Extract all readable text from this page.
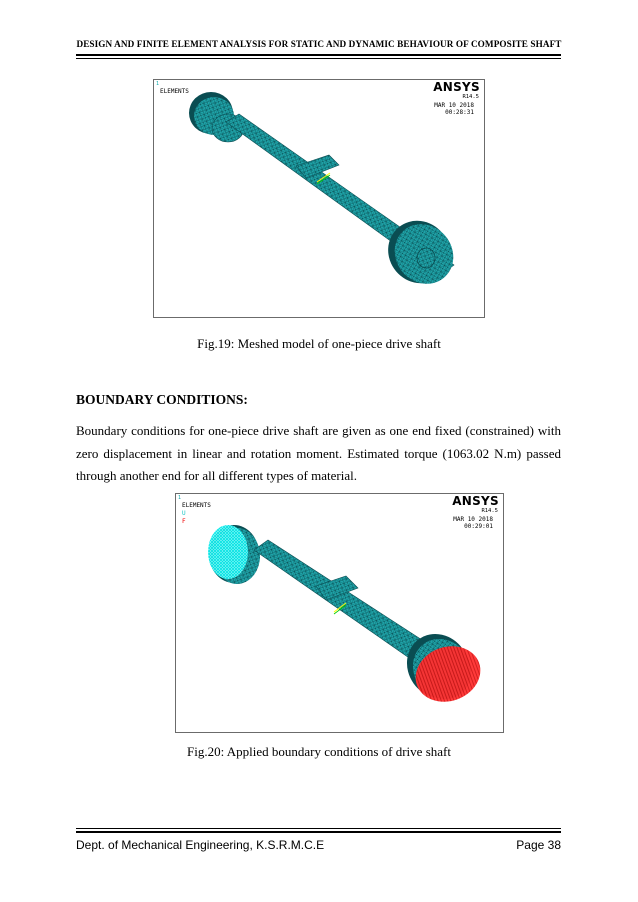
DESIGN AND FINITE ELEMENT ANALYSIS FOR STATIC AND DYNAMIC BEHAVIOUR OF COMPOSITE SHAFT
1
ELEMENTS	ANSYS
R14.5
MAR 10 2018
00:28:31
Fig.19: Meshed model of one-piece drive shaft
BOUNDARY CONDITIONS:

Boundary conditions for one-piece drive shaft are given as one end fixed (constrained) with zero displacement in linear and rotation moment. Estimated torque (1063.02 N.m) passed through another end for all different types of material.

1
ELEMENTS
U
F
ANSYS
R14.5
MAR 10 2018
00:29:01
Fig.20: Applied boundary conditions of drive shaft
Dept. of Mechanical Engineering, K.S.R.M.C.E	Page 38
